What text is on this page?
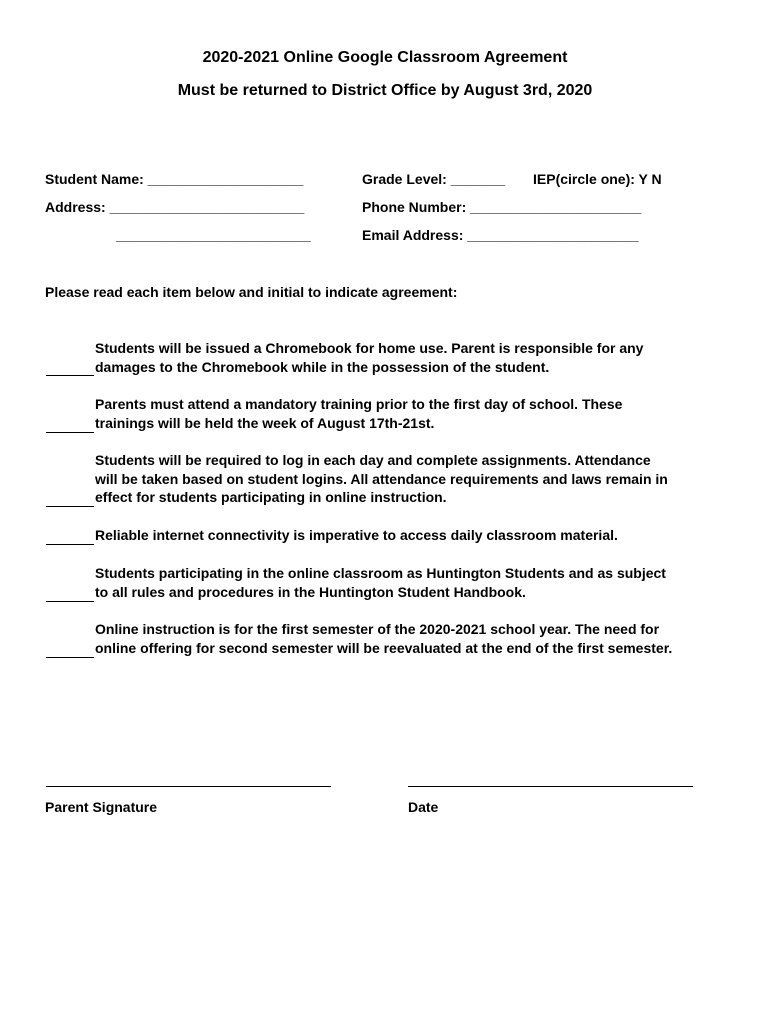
2020-2021 Online Google Classroom Agreement
Must be returned to District Office by August 3rd, 2020
Student Name: ____________________	Grade Level: _______ IEP(circle one): Y N
Address: _________________________	Phone Number: ______________________
_________________________	Email Address: ______________________
Please read each item below and initial to indicate agreement:
Students will be issued a Chromebook for home use. Parent is responsible for any
damages to the Chromebook while in the possession of the student.
Parents must attend a mandatory training prior to the first day of school. These
trainings will be held the week of August 17th-21st.
Students will be required to log in each day and complete assignments. Attendance
will be taken based on student logins. All attendance requirements and laws remain in
effect for students participating in online instruction.
Reliable internet connectivity is imperative to access daily classroom material.
Students participating in the online classroom as Huntington Students and as subject
to all rules and procedures in the Huntington Student Handbook.
Online instruction is for the first semester of the 2020-2021 school year. The need for
online offering for second semester will be reevaluated at the end of the first semester.
Parent Signature	Date
